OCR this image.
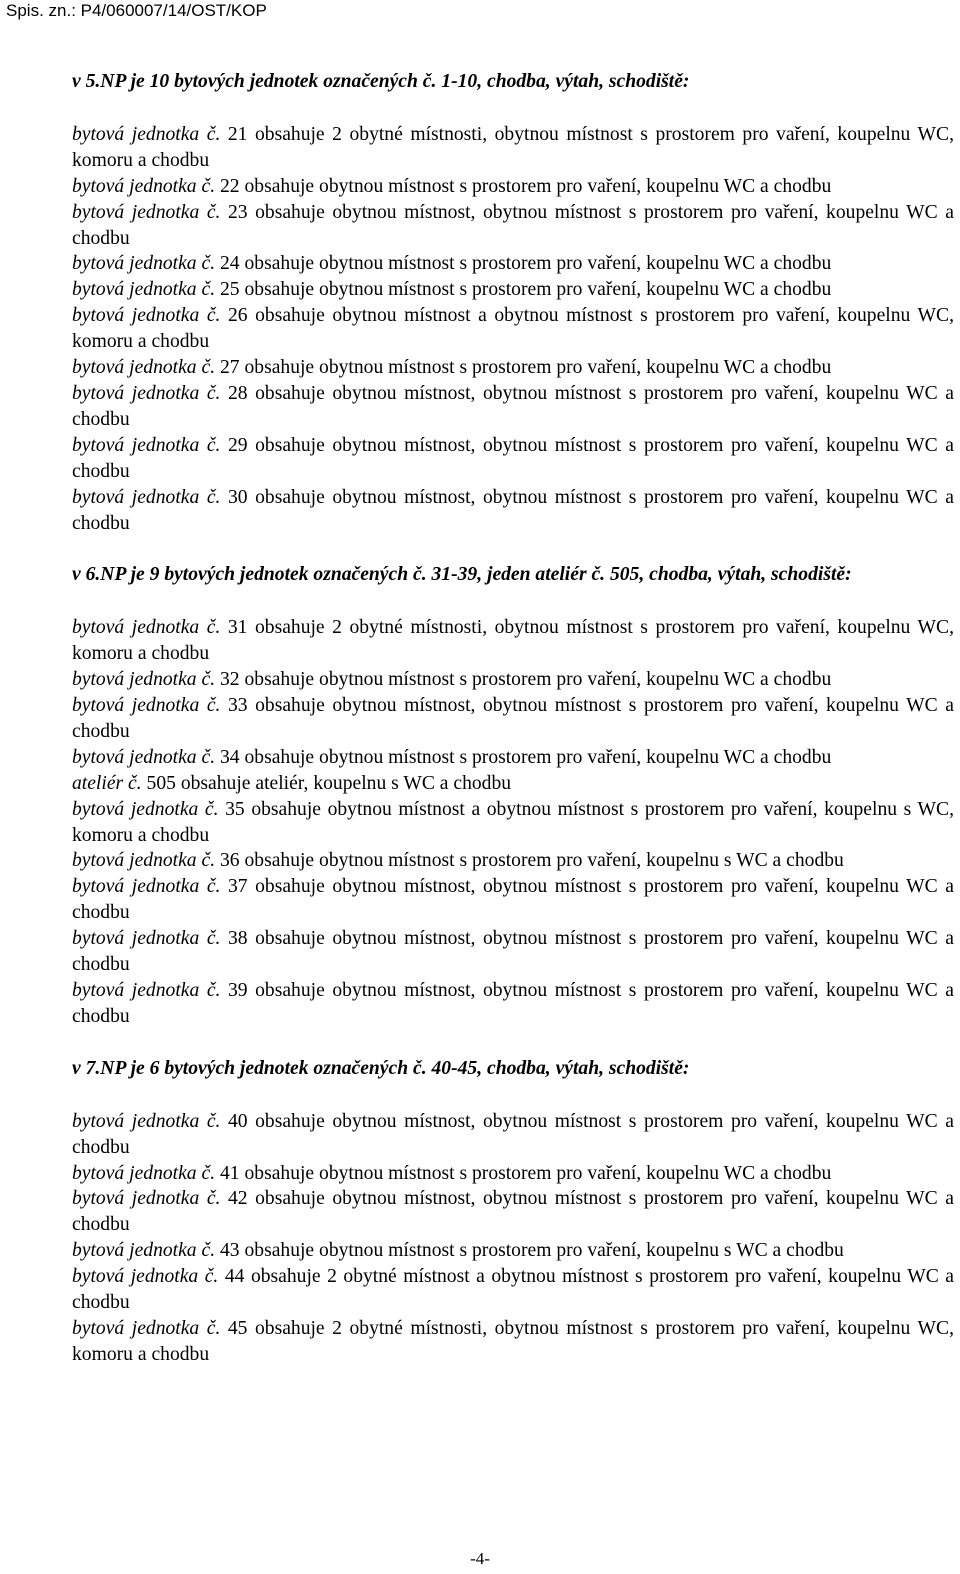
Spis. zn.: P4/060007/14/OST/KOP

v 5.NP je 10 bytových jednotek označených č. 1-10, chodba, výtah, schodiště:

bytová jednotka č. 21 obsahuje 2 obytné místnosti, obytnou místnost s prostorem pro vaření, koupelnu WC, komoru a chodbu
bytová jednotka č. 22 obsahuje obytnou místnost s prostorem pro vaření, koupelnu WC a chodbu
bytová jednotka č. 23 obsahuje obytnou místnost, obytnou místnost s prostorem pro vaření, koupelnu WC a chodbu
bytová jednotka č. 24 obsahuje obytnou místnost s prostorem pro vaření, koupelnu WC a chodbu
bytová jednotka č. 25 obsahuje obytnou místnost s prostorem pro vaření, koupelnu WC a chodbu
bytová jednotka č. 26 obsahuje obytnou místnost a obytnou místnost s prostorem pro vaření, koupelnu WC, komoru a chodbu
bytová jednotka č. 27 obsahuje obytnou místnost s prostorem pro vaření, koupelnu WC a chodbu
bytová jednotka č. 28 obsahuje obytnou místnost, obytnou místnost s prostorem pro vaření, koupelnu WC a chodbu
bytová jednotka č. 29 obsahuje obytnou místnost, obytnou místnost s prostorem pro vaření, koupelnu WC a chodbu
bytová jednotka č. 30 obsahuje obytnou místnost, obytnou místnost s prostorem pro vaření, koupelnu WC a chodbu

v 6.NP je 9 bytových jednotek označených č. 31-39, jeden ateliér č. 505, chodba, výtah, schodiště:

bytová jednotka č. 31 obsahuje 2 obytné místnosti, obytnou místnost s prostorem pro vaření, koupelnu WC, komoru a chodbu
bytová jednotka č. 32 obsahuje obytnou místnost s prostorem pro vaření, koupelnu WC a chodbu
bytová jednotka č. 33 obsahuje obytnou místnost, obytnou místnost s prostorem pro vaření, koupelnu WC a chodbu
bytová jednotka č. 34 obsahuje obytnou místnost s prostorem pro vaření, koupelnu WC a chodbu
ateliér č. 505 obsahuje ateliér, koupelnu s WC a chodbu
bytová jednotka č. 35 obsahuje obytnou místnost a obytnou místnost s prostorem pro vaření, koupelnu s WC, komoru a chodbu
bytová jednotka č. 36 obsahuje obytnou místnost s prostorem pro vaření, koupelnu s WC a chodbu
bytová jednotka č. 37 obsahuje obytnou místnost, obytnou místnost s prostorem pro vaření, koupelnu WC a chodbu
bytová jednotka č. 38 obsahuje obytnou místnost, obytnou místnost s prostorem pro vaření, koupelnu WC a chodbu
bytová jednotka č. 39 obsahuje obytnou místnost, obytnou místnost s prostorem pro vaření, koupelnu WC a chodbu

v 7.NP je 6 bytových jednotek označených č. 40-45, chodba, výtah, schodiště:

bytová jednotka č. 40 obsahuje obytnou místnost, obytnou místnost s prostorem pro vaření, koupelnu WC a chodbu
bytová jednotka č. 41 obsahuje obytnou místnost s prostorem pro vaření, koupelnu WC a chodbu
bytová jednotka č. 42 obsahuje obytnou místnost, obytnou místnost s prostorem pro vaření, koupelnu WC a chodbu
bytová jednotka č. 43 obsahuje obytnou místnost s prostorem pro vaření, koupelnu s WC a chodbu
bytová jednotka č. 44 obsahuje 2 obytné místnost a obytnou místnost s prostorem pro vaření, koupelnu WC a chodbu
bytová jednotka č. 45 obsahuje 2 obytné místnosti, obytnou místnost s prostorem pro vaření, koupelnu WC, komoru a chodbu
-4-
